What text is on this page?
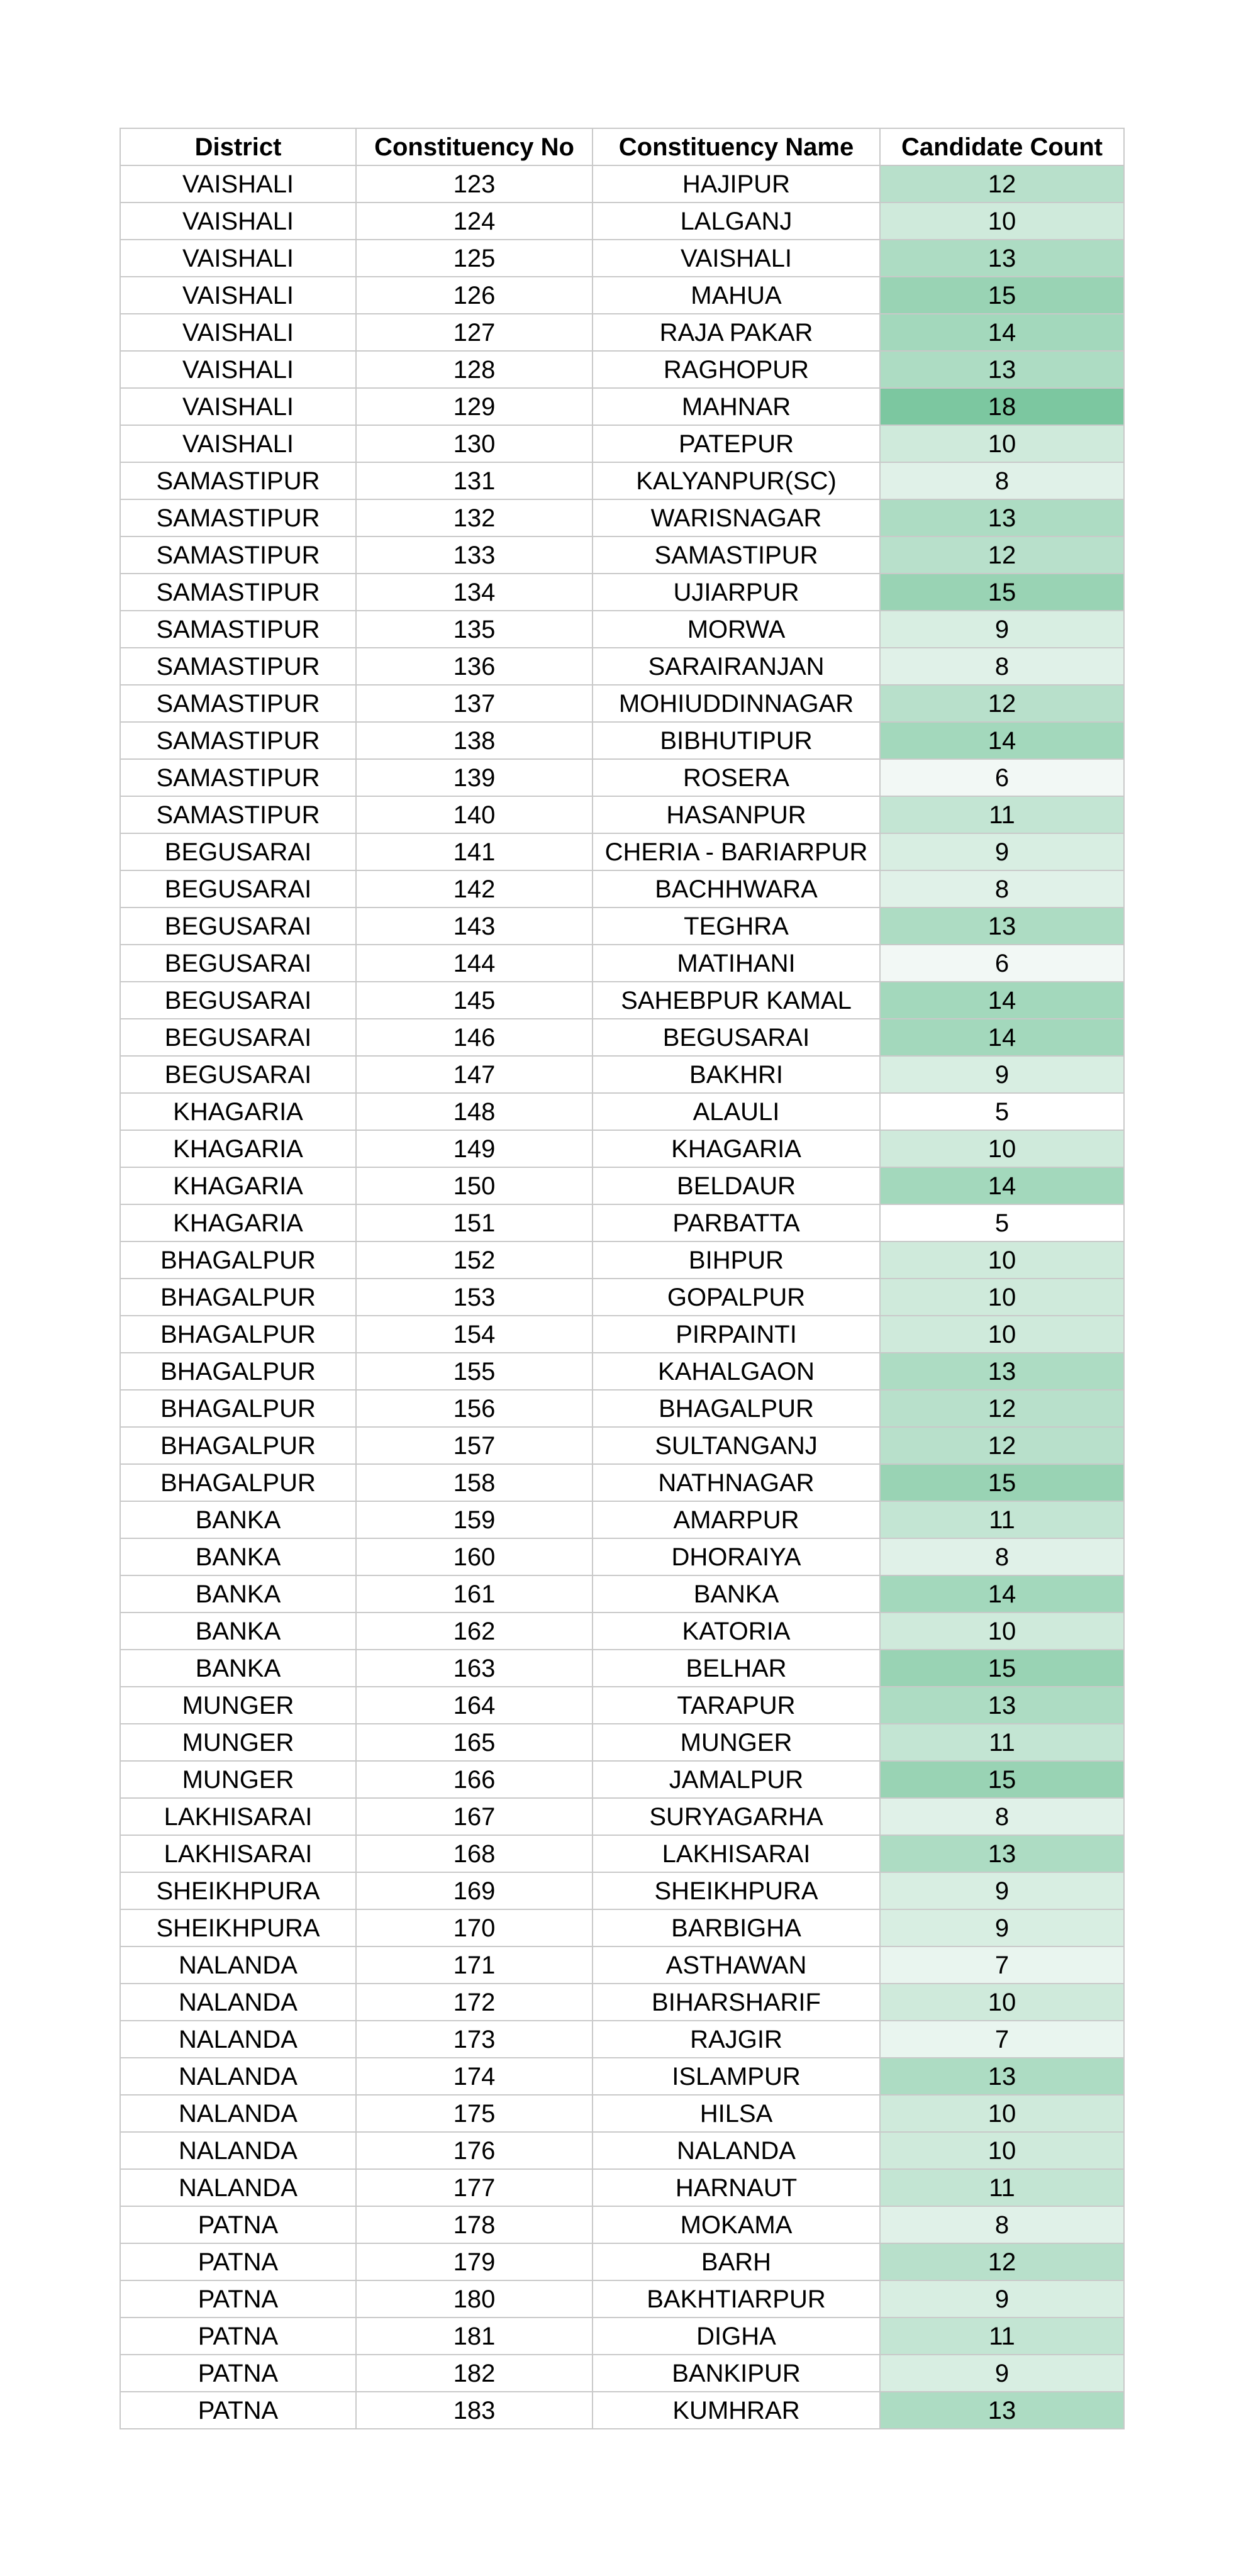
District	Constituency No	Constituency Name	Candidate Count
VAISHALI	123	HAJIPUR	12
VAISHALI	124	LALGANJ	10
VAISHALI	125	VAISHALI	13
VAISHALI	126	MAHUA	15
VAISHALI	127	RAJA PAKAR	14
VAISHALI	128	RAGHOPUR	13
VAISHALI	129	MAHNAR	18
VAISHALI	130	PATEPUR	10
SAMASTIPUR	131	KALYANPUR(SC)	8
SAMASTIPUR	132	WARISNAGAR	13
SAMASTIPUR	133	SAMASTIPUR	12
SAMASTIPUR	134	UJIARPUR	15
SAMASTIPUR	135	MORWA	9
SAMASTIPUR	136	SARAIRANJAN	8
SAMASTIPUR	137	MOHIUDDINNAGAR	12
SAMASTIPUR	138	BIBHUTIPUR	14
SAMASTIPUR	139	ROSERA	6
SAMASTIPUR	140	HASANPUR	11
BEGUSARAI	141	CHERIA - BARIARPUR	9
BEGUSARAI	142	BACHHWARA	8
BEGUSARAI	143	TEGHRA	13
BEGUSARAI	144	MATIHANI	6
BEGUSARAI	145	SAHEBPUR KAMAL	14
BEGUSARAI	146	BEGUSARAI	14
BEGUSARAI	147	BAKHRI	9
KHAGARIA	148	ALAULI	5
KHAGARIA	149	KHAGARIA	10
KHAGARIA	150	BELDAUR	14
KHAGARIA	151	PARBATTA	5
BHAGALPUR	152	BIHPUR	10
BHAGALPUR	153	GOPALPUR	10
BHAGALPUR	154	PIRPAINTI	10
BHAGALPUR	155	KAHALGAON	13
BHAGALPUR	156	BHAGALPUR	12
BHAGALPUR	157	SULTANGANJ	12
BHAGALPUR	158	NATHNAGAR	15
BANKA	159	AMARPUR	11
BANKA	160	DHORAIYA	8
BANKA	161	BANKA	14
BANKA	162	KATORIA	10
BANKA	163	BELHAR	15
MUNGER	164	TARAPUR	13
MUNGER	165	MUNGER	11
MUNGER	166	JAMALPUR	15
LAKHISARAI	167	SURYAGARHA	8
LAKHISARAI	168	LAKHISARAI	13
SHEIKHPURA	169	SHEIKHPURA	9
SHEIKHPURA	170	BARBIGHA	9
NALANDA	171	ASTHAWAN	7
NALANDA	172	BIHARSHARIF	10
NALANDA	173	RAJGIR	7
NALANDA	174	ISLAMPUR	13
NALANDA	175	HILSA	10
NALANDA	176	NALANDA	10
NALANDA	177	HARNAUT	11
PATNA	178	MOKAMA	8
PATNA	179	BARH	12
PATNA	180	BAKHTIARPUR	9
PATNA	181	DIGHA	11
PATNA	182	BANKIPUR	9
PATNA	183	KUMHRAR	13
